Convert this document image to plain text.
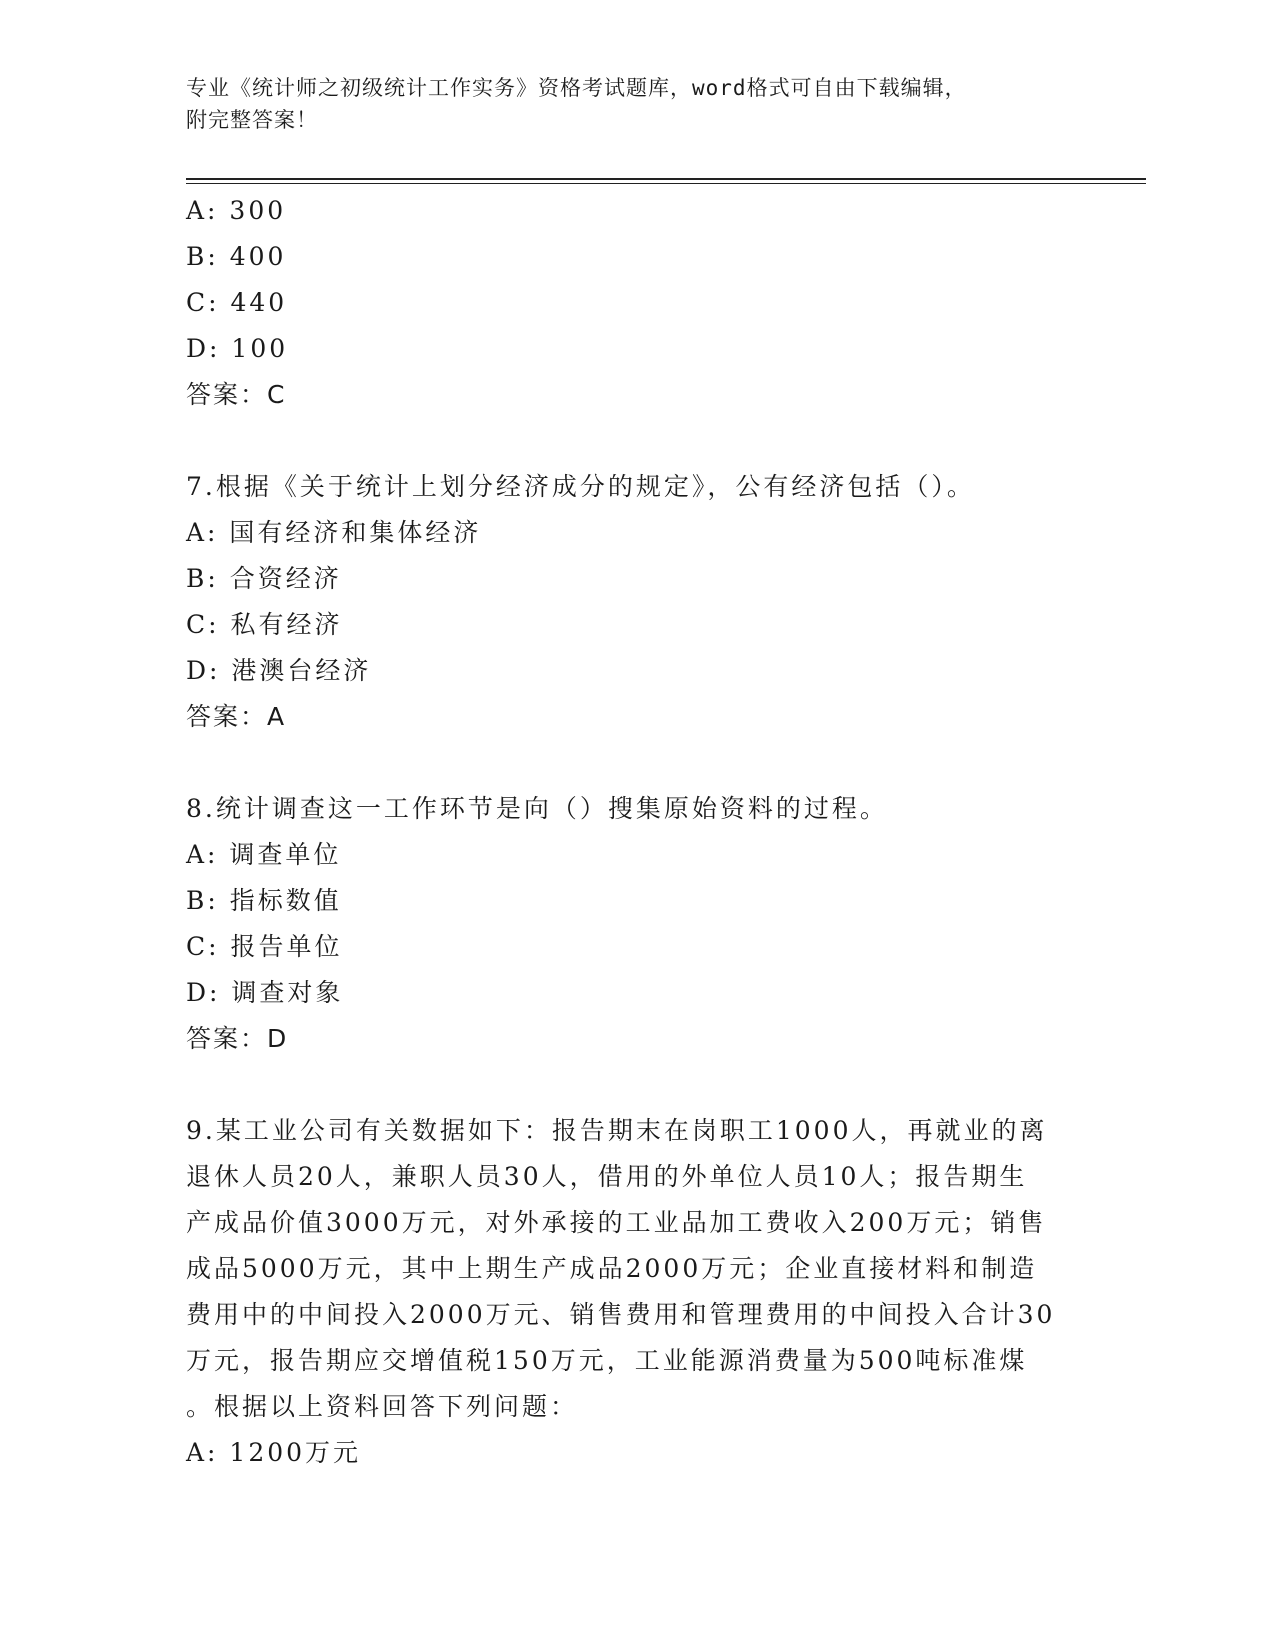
专业《统计师之初级统计工作实务》资格考试题库，word格式可自由下载编辑，
附完整答案！
A: 300
B: 400
C: 440
D: 100
答案：C
7.根据《关于统计上划分经济成分的规定》，公有经济包括（）。
A: 国有经济和集体经济
B: 合资经济
C: 私有经济
D: 港澳台经济
答案：A
8.统计调查这一工作环节是向（）搜集原始资料的过程。
A: 调查单位
B: 指标数值
C: 报告单位
D: 调查对象
答案：D
9.某工业公司有关数据如下：报告期末在岗职工1000人，再就业的离
退休人员20人，兼职人员30人，借用的外单位人员10人；报告期生
产成品价值3000万元，对外承接的工业品加工费收入200万元；销售
成品5000万元，其中上期生产成品2000万元；企业直接材料和制造
费用中的中间投入2000万元、销售费用和管理费用的中间投入合计30
万元，报告期应交增值税150万元，工业能源消费量为500吨标准煤
。根据以上资料回答下列问题：
A: 1200万元
